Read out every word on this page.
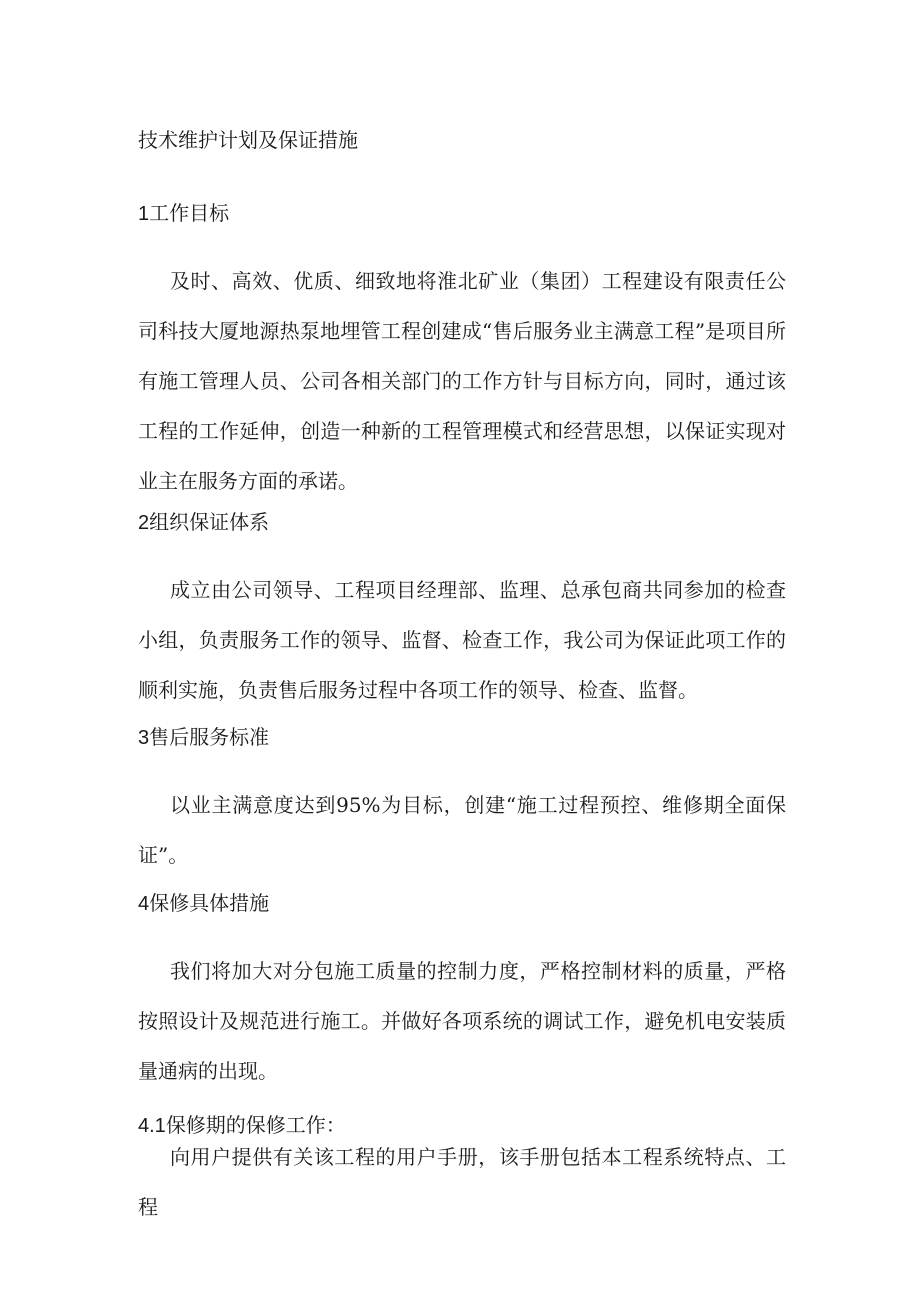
技术维护计划及保证措施
1工作目标

及时、高效、优质、细致地将淮北矿业（集团）工程建设有限责任公司科技大厦地源热泵地埋管工程创建成“售后服务业主满意工程”是项目所有施工管理人员、公司各相关部门的工作方针与目标方向，同时，通过该工程的工作延伸，创造一种新的工程管理模式和经营思想，以保证实现对业主在服务方面的承诺。

2组织保证体系

成立由公司领导、工程项目经理部、监理、总承包商共同参加的检查小组，负责服务工作的领导、监督、检查工作，我公司为保证此项工作的顺利实施，负责售后服务过程中各项工作的领导、检查、监督。

3售后服务标准

以业主满意度达到95%为目标，创建“施工过程预控、维修期全面保证”。

4保修具体措施

我们将加大对分包施工质量的控制力度，严格控制材料的质量，严格按照设计及规范进行施工。并做好各项系统的调试工作，避免机电安装质量通病的出现。

4.1保修期的保修工作：

向用户提供有关该工程的用户手册，该手册包括本工程系统特点、工程
